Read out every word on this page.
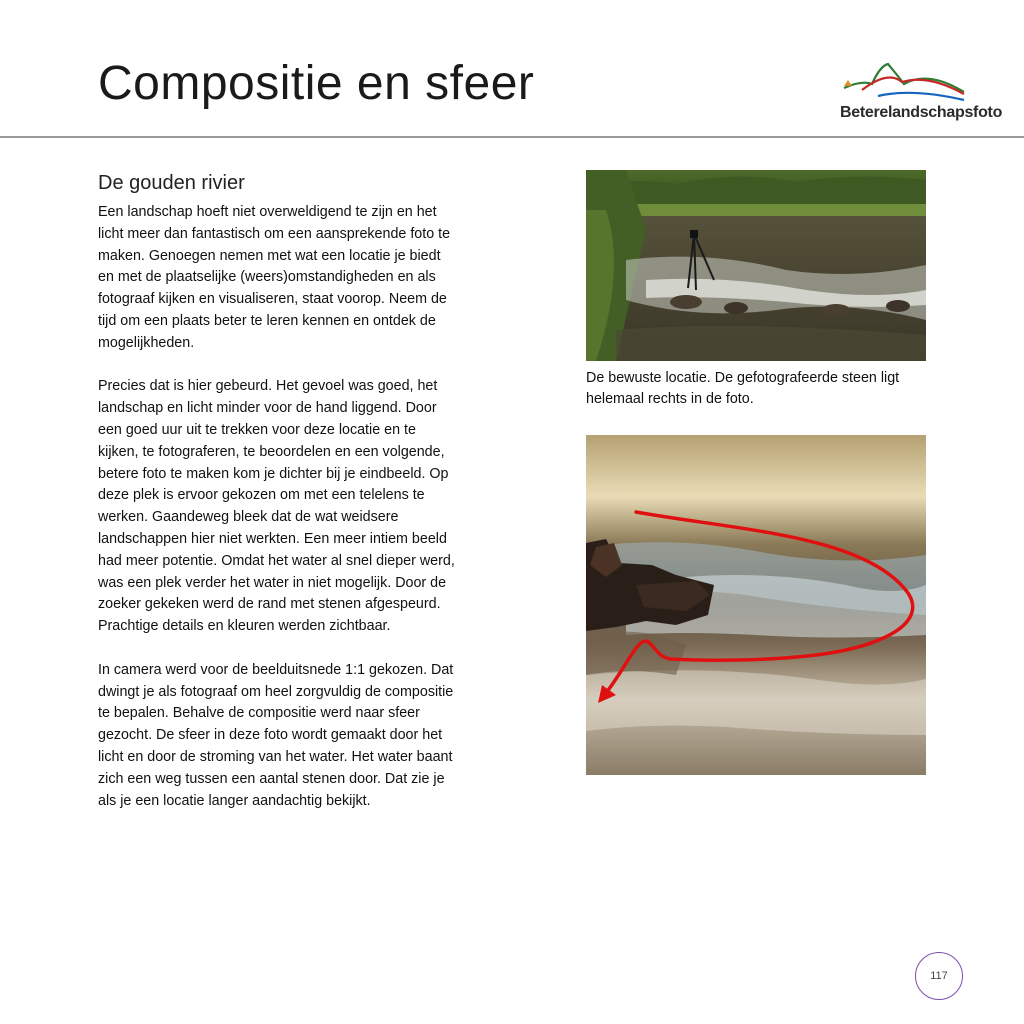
Compositie en sfeer
Beterelandschapsfoto
De gouden rivier

Een landschap hoeft niet overweldigend te zijn en het licht meer dan fantastisch om een aansprekende foto te maken. Genoegen nemen met wat een locatie je biedt en met de plaatselijke (weers)omstandigheden en als fotograaf kijken en visualiseren, staat voorop. Neem de tijd om een plaats beter te leren kennen en ontdek de mogelijkheden.

Precies dat is hier gebeurd. Het gevoel was goed, het landschap en licht minder voor de hand liggend. Door een goed uur uit te trekken voor deze locatie en te kijken, te fotograferen, te beoordelen en een volgende, betere foto te maken kom je dichter bij je eindbeeld. Op deze plek is ervoor gekozen om met een telelens te werken. Gaandeweg bleek dat de wat weidsere landschappen hier niet werkten. Een meer intiem beeld had meer potentie. Omdat het water al snel dieper werd, was een plek verder het water in niet mogelijk. Door de zoeker gekeken werd de rand met stenen afgespeurd. Prachtige details en kleuren werden zichtbaar.

In camera werd voor de beelduitsnede 1:1 gekozen. Dat dwingt je als fotograaf om heel zorgvuldig de compositie te bepalen. Behalve de compositie werd naar sfeer gezocht. De sfeer in deze foto wordt gemaakt door het licht en door de stroming van het water. Het water baant zich een weg tussen een aantal stenen door. Dat zie je als je een locatie langer aandachtig bekijkt.

De bewuste locatie. De gefotografeerde steen ligt helemaal rechts in de foto.
117
